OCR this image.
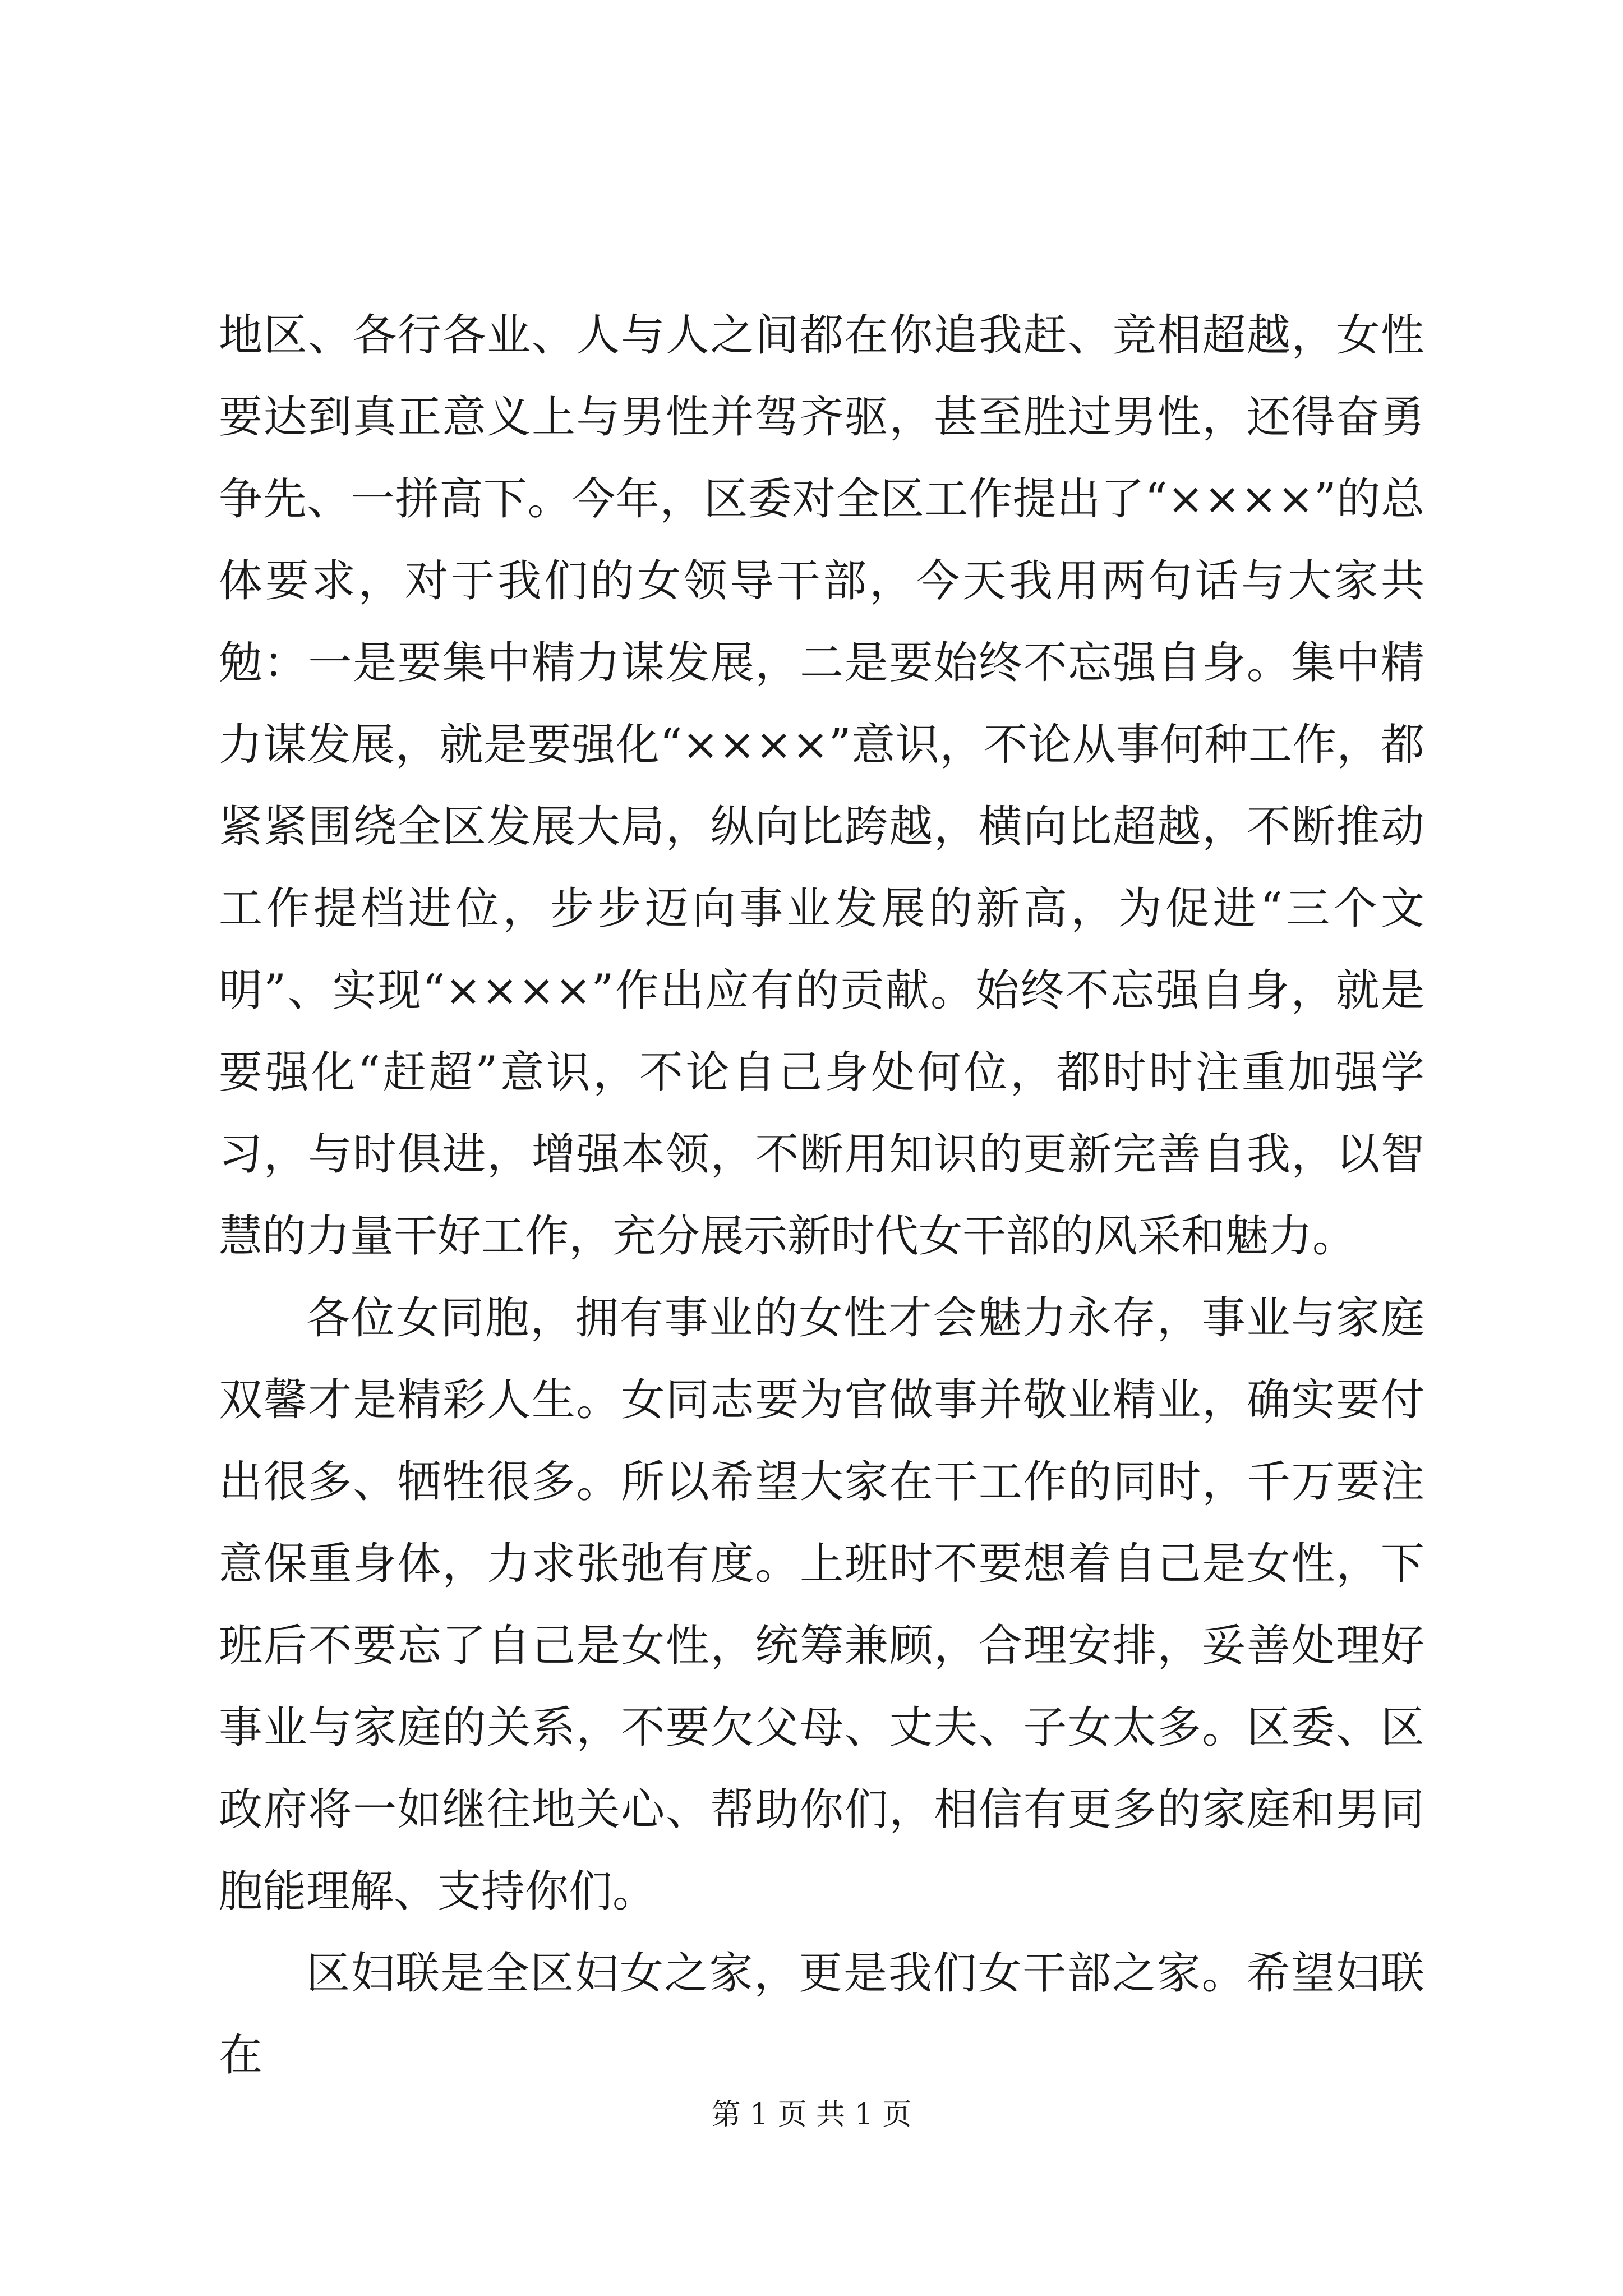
地区、各行各业、人与人之间都在你追我赶、竞相超越，女性要达到真正意义上与男性并驾齐驱，甚至胜过男性，还得奋勇争先、一拼高下。今年，区委对全区工作提出了“××××”的总体要求，对于我们的女领导干部，今天我用两句话与大家共勉：一是要集中精力谋发展，二是要始终不忘强自身。集中精力谋发展，就是要强化“××××”意识，不论从事何种工作，都紧紧围绕全区发展大局，纵向比跨越，横向比超越，不断推动工作提档进位，步步迈向事业发展的新高，为促进“三个文明”、实现“××××”作出应有的贡献。始终不忘强自身，就是要强化“赶超”意识，不论自己身处何位，都时时注重加强学习，与时俱进，增强本领，不断用知识的更新完善自我，以智慧的力量干好工作，充分展示新时代女干部的风采和魅力。

各位女同胞，拥有事业的女性才会魅力永存，事业与家庭双馨才是精彩人生。女同志要为官做事并敬业精业，确实要付出很多、牺牲很多。所以希望大家在干工作的同时，千万要注意保重身体，力求张弛有度。上班时不要想着自己是女性，下班后不要忘了自己是女性，统筹兼顾，合理安排，妥善处理好事业与家庭的关系，不要欠父母、丈夫、子女太多。区委、区政府将一如继往地关心、帮助你们，相信有更多的家庭和男同胞能理解、支持你们。

区妇联是全区妇女之家，更是我们女干部之家。希望妇联在

第 1 页 共 1 页
